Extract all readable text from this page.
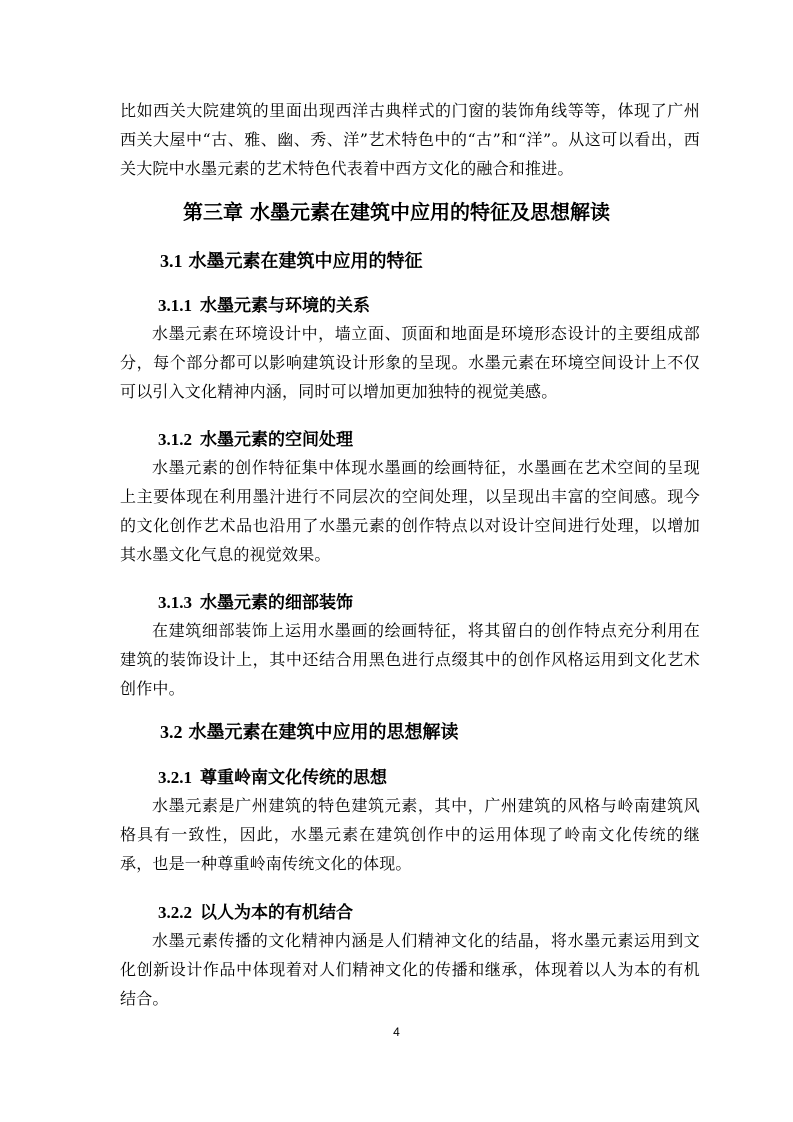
比如西关大院建筑的里面出现西洋古典样式的门窗的装饰角线等等，体现了广州西关大屋中“古、雅、幽、秀、洋”艺术特色中的“古”和“洋”。从这可以看出，西关大院中水墨元素的艺术特色代表着中西方文化的融合和推进。

第三章 水墨元素在建筑中应用的特征及思想解读
3.1 水墨元素在建筑中应用的特征
3.1.1 水墨元素与环境的关系

水墨元素在环境设计中，墙立面、顶面和地面是环境形态设计的主要组成部分，每个部分都可以影响建筑设计形象的呈现。水墨元素在环境空间设计上不仅可以引入文化精神内涵，同时可以增加更加独特的视觉美感。

3.1.2 水墨元素的空间处理

水墨元素的创作特征集中体现水墨画的绘画特征，水墨画在艺术空间的呈现上主要体现在利用墨汁进行不同层次的空间处理，以呈现出丰富的空间感。现今的文化创作艺术品也沿用了水墨元素的创作特点以对设计空间进行处理，以增加其水墨文化气息的视觉效果。

3.1.3 水墨元素的细部装饰

在建筑细部装饰上运用水墨画的绘画特征，将其留白的创作特点充分利用在建筑的装饰设计上，其中还结合用黑色进行点缀其中的创作风格运用到文化艺术创作中。

3.2 水墨元素在建筑中应用的思想解读
3.2.1 尊重岭南文化传统的思想

水墨元素是广州建筑的特色建筑元素，其中，广州建筑的风格与岭南建筑风格具有一致性，因此，水墨元素在建筑创作中的运用体现了岭南文化传统的继承，也是一种尊重岭南传统文化的体现。

3.2.2 以人为本的有机结合

水墨元素传播的文化精神内涵是人们精神文化的结晶，将水墨元素运用到文化创新设计作品中体现着对人们精神文化的传播和继承，体现着以人为本的有机结合。

4
